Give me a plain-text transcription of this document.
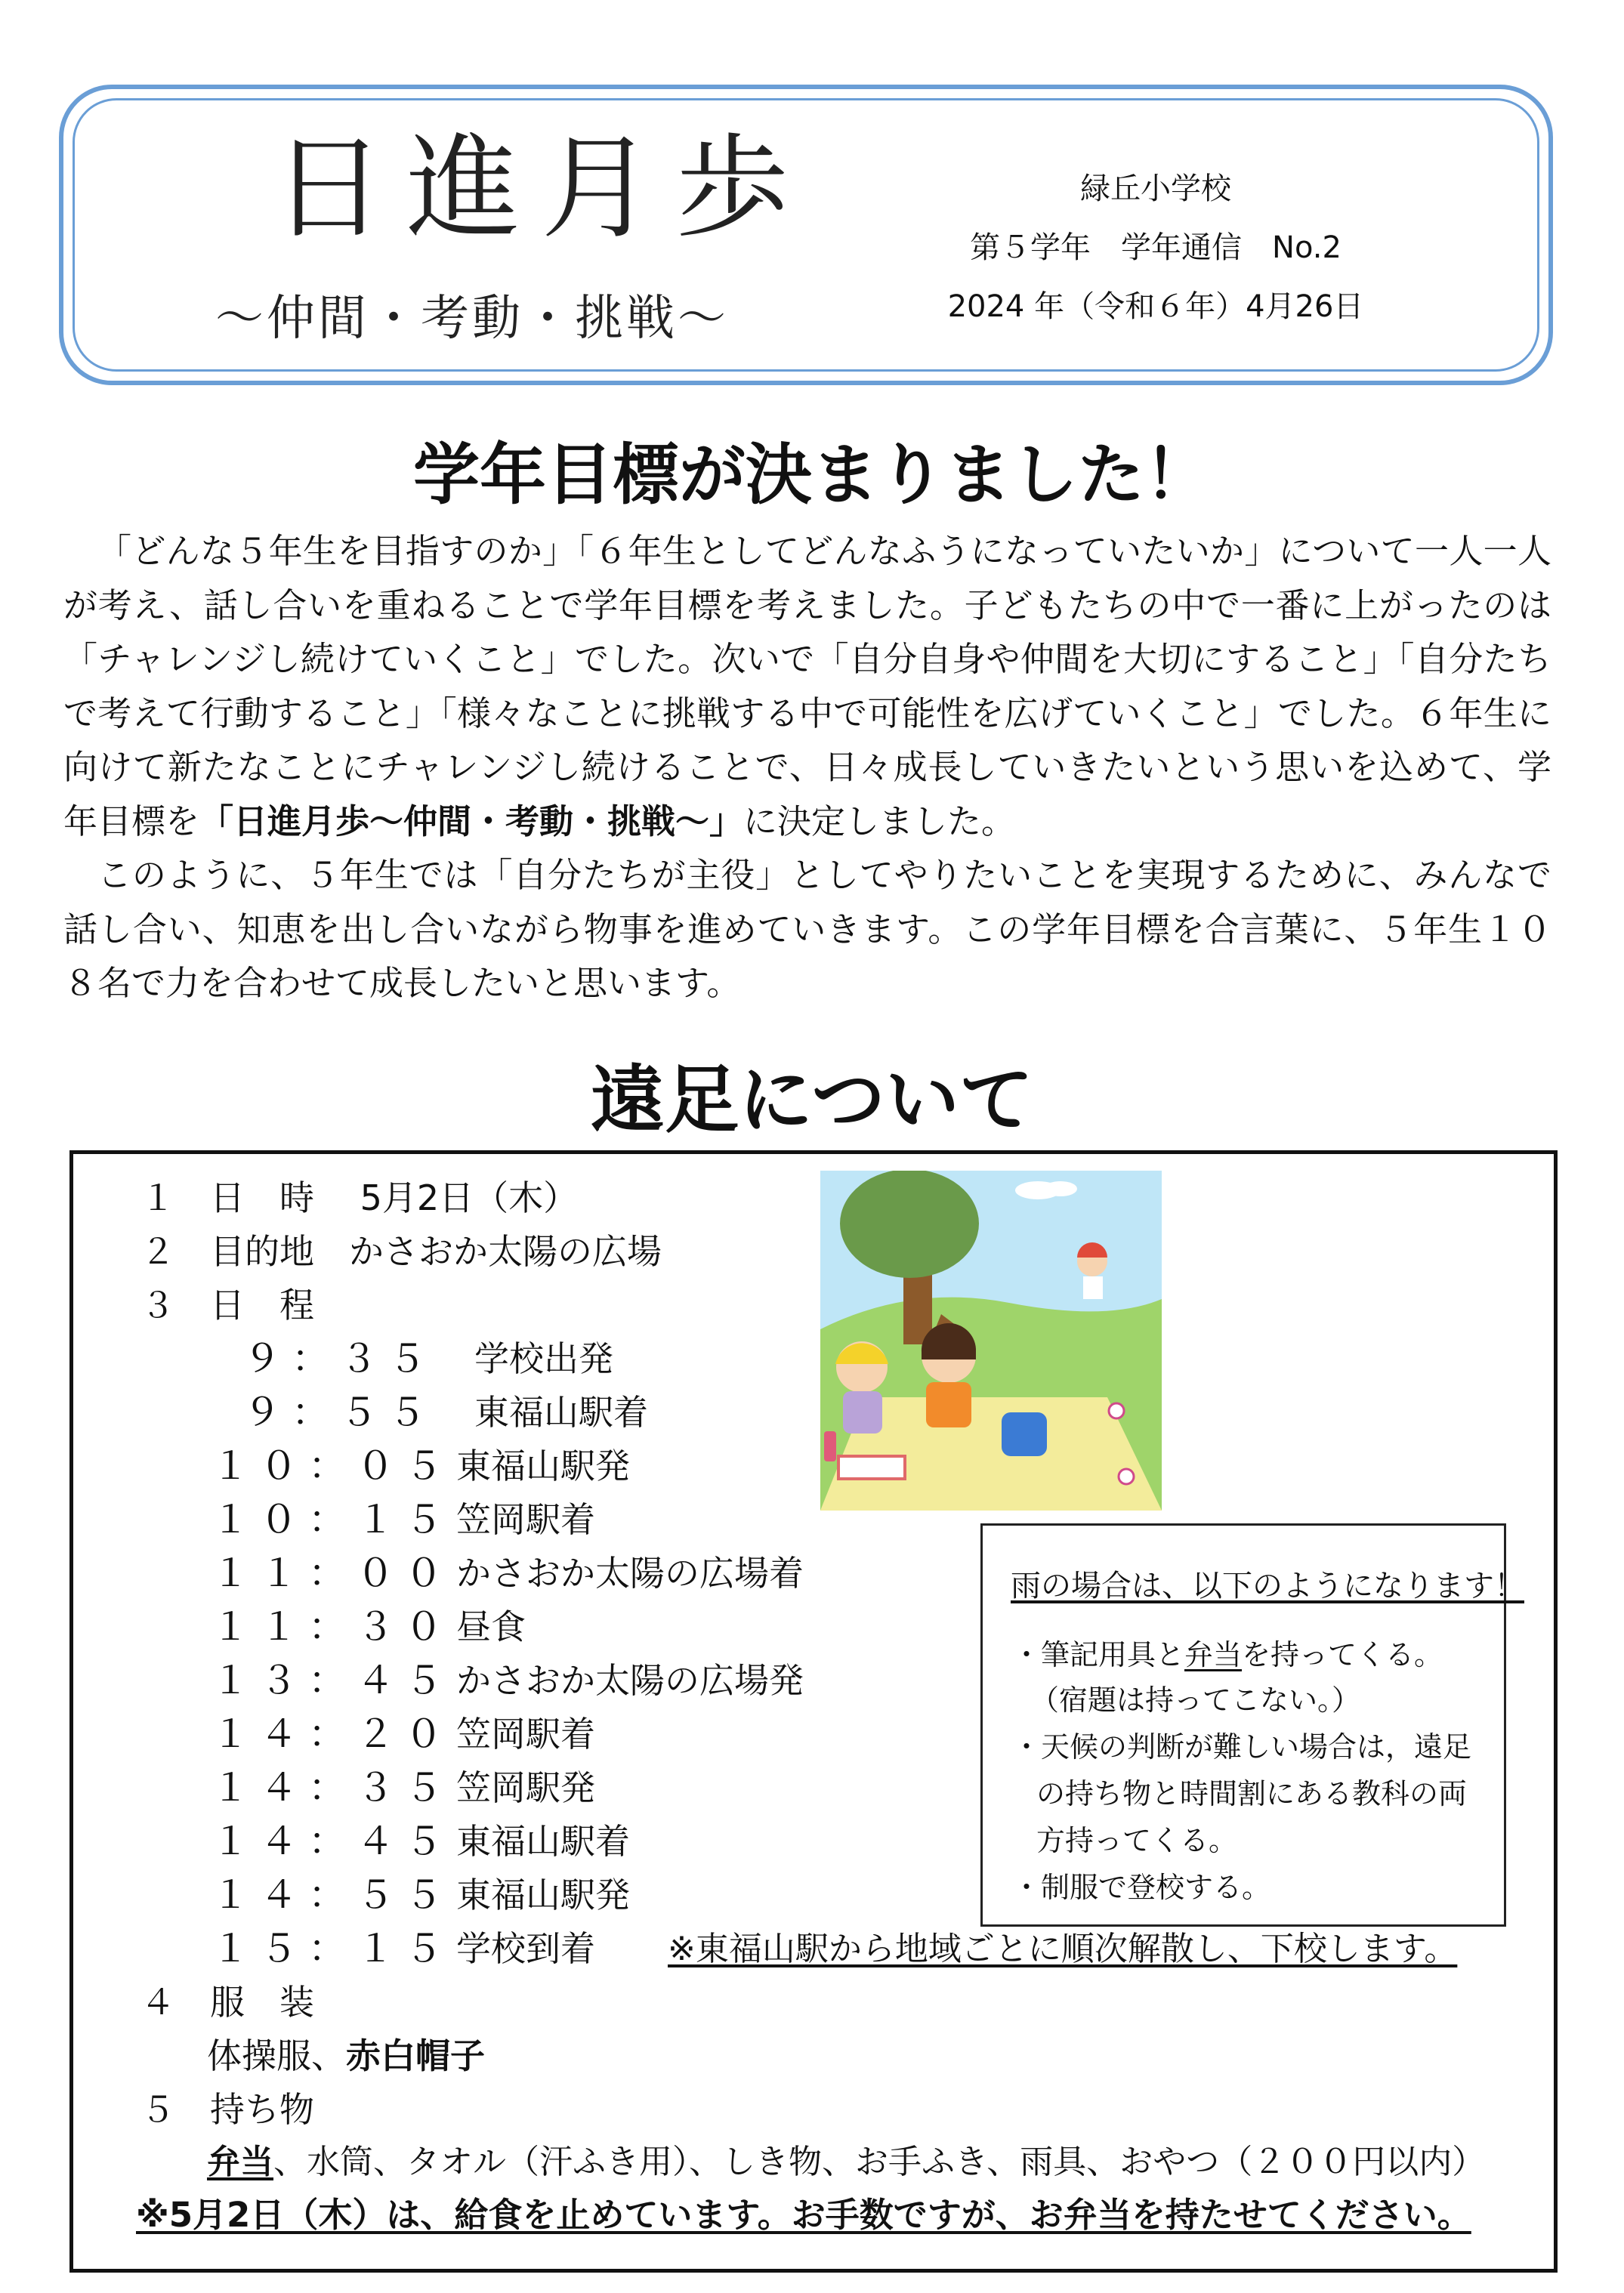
日進月歩
～仲間・考動・挑戦～
緑丘小学校
第５学年　学年通信　No.2
2024 年（令和６年）4月26日
学年目標が決まりました！

「どんな５年生を目指すのか」「６年生としてどんなふうになっていたいか」について一人一人が考え、話し合いを重ねることで学年目標を考えました。子どもたちの中で一番に上がったのは「チャレンジし続けていくこと」でした。次いで「自分自身や仲間を大切にすること」「自分たちで考えて行動すること」「様々なことに挑戦する中で可能性を広げていくこと」でした。６年生に向けて新たなことにチャレンジし続けることで、日々成長していきたいという思いを込めて、学年目標を「日進月歩～仲間・考動・挑戦～」に決定しました。

このように、５年生では「自分たちが主役」としてやりたいことを実現するために、みんなで話し合い、知恵を出し合いながら物事を進めていきます。この学年目標を合言葉に、５年生１０８名で力を合わせて成長したいと思います。

遠足について
１　日　時　 5月2日（木）
２　目的地　かさおか太陽の広場
３　日　程
９：３５ 学校出発
９：５５ 東福山駅着
１０：０５ 東福山駅発
１０：１５ 笠岡駅着
１１：００ かさおか太陽の広場着
１１：３０ 昼食
１３：４５ かさおか太陽の広場発
１４：２０ 笠岡駅着
１４：３５ 笠岡駅発
１４：４５ 東福山駅着
１４：５５ 東福山駅発
１５：１５ 学校到着 ※東福山駅から地域ごとに順次解散し、下校します。
４　服　装
体操服、赤白帽子
５　持ち物
弁当、水筒、タオル（汗ふき用）、しき物、お手ふき、雨具、おやつ（２００円以内）
※5月2日（木）は、給食を止めています。お手数ですが、お弁当を持たせてください。
雨の場合は、以下のようになります！
・筆記用具と弁当を持ってくる。
（宿題は持ってこない。）
・天候の判断が難しい場合は，遠足
の持ち物と時間割にある教科の両
方持ってくる。
・制服で登校する。
